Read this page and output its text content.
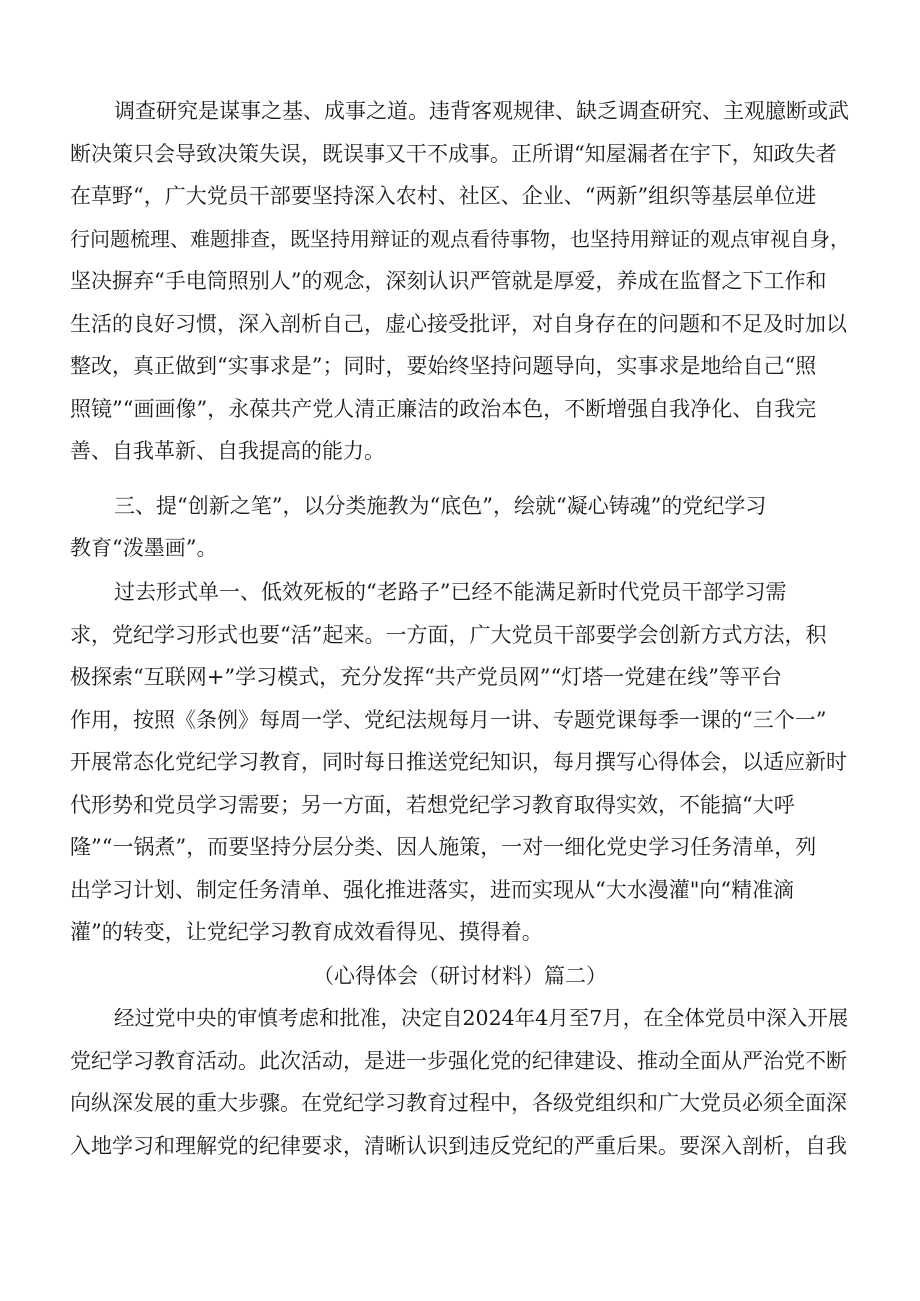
调查研究是谋事之基、成事之道。违背客观规律、缺乏调查研究、主观臆断或武
断决策只会导致决策失误，既误事又干不成事。正所谓“知屋漏者在宇下，知政失者
在草野“，广大党员干部要坚持深入农村、社区、企业、“两新”组织等基层单位进
行问题梳理、难题排查，既坚持用辩证的观点看待事物，也坚持用辩证的观点审视自身，
坚决摒弃“手电筒照别人”的观念，深刻认识严管就是厚爱，养成在监督之下工作和
生活的良好习惯，深入剖析自己，虚心接受批评，对自身存在的问题和不足及时加以
整改，真正做到“实事求是”；同时，要始终坚持问题导向，实事求是地给自己“照
照镜”“画画像”，永葆共产党人清正廉洁的政治本色，不断增强自我净化、自我完
善、自我革新、自我提高的能力。
三、提“创新之笔”，以分类施教为“底色”，绘就“凝心铸魂”的党纪学习
教育“泼墨画”。
过去形式单一、低效死板的“老路子”已经不能满足新时代党员干部学习需
求，党纪学习形式也要“活”起来。一方面，广大党员干部要学会创新方式方法，积
极探索“互联网+”学习模式，充分发挥“共产党员网”“灯塔一党建在线”等平台
作用，按照《条例》每周一学、党纪法规每月一讲、专题党课每季一课的“三个一”
开展常态化党纪学习教育，同时每日推送党纪知识，每月撰写心得体会，以适应新时
代形势和党员学习需要；另一方面，若想党纪学习教育取得实效，不能搞“大呼
隆”“一锅煮”，而要坚持分层分类、因人施策，一对一细化党史学习任务清单，列
出学习计划、制定任务清单、强化推进落实，进而实现从“大水漫灌"向“精准滴
灌”的转变，让党纪学习教育成效看得见、摸得着。
（心得体会（研讨材料）篇二）
经过党中央的审慎考虑和批准，决定自2024年4月至7月，在全体党员中深入开展
党纪学习教育活动。此次活动，是进一步强化党的纪律建设、推动全面从严治党不断
向纵深发展的重大步骤。在党纪学习教育过程中，各级党组织和广大党员必须全面深
入地学习和理解党的纪律要求，清晰认识到违反党纪的严重后果。要深入剖析，自我
